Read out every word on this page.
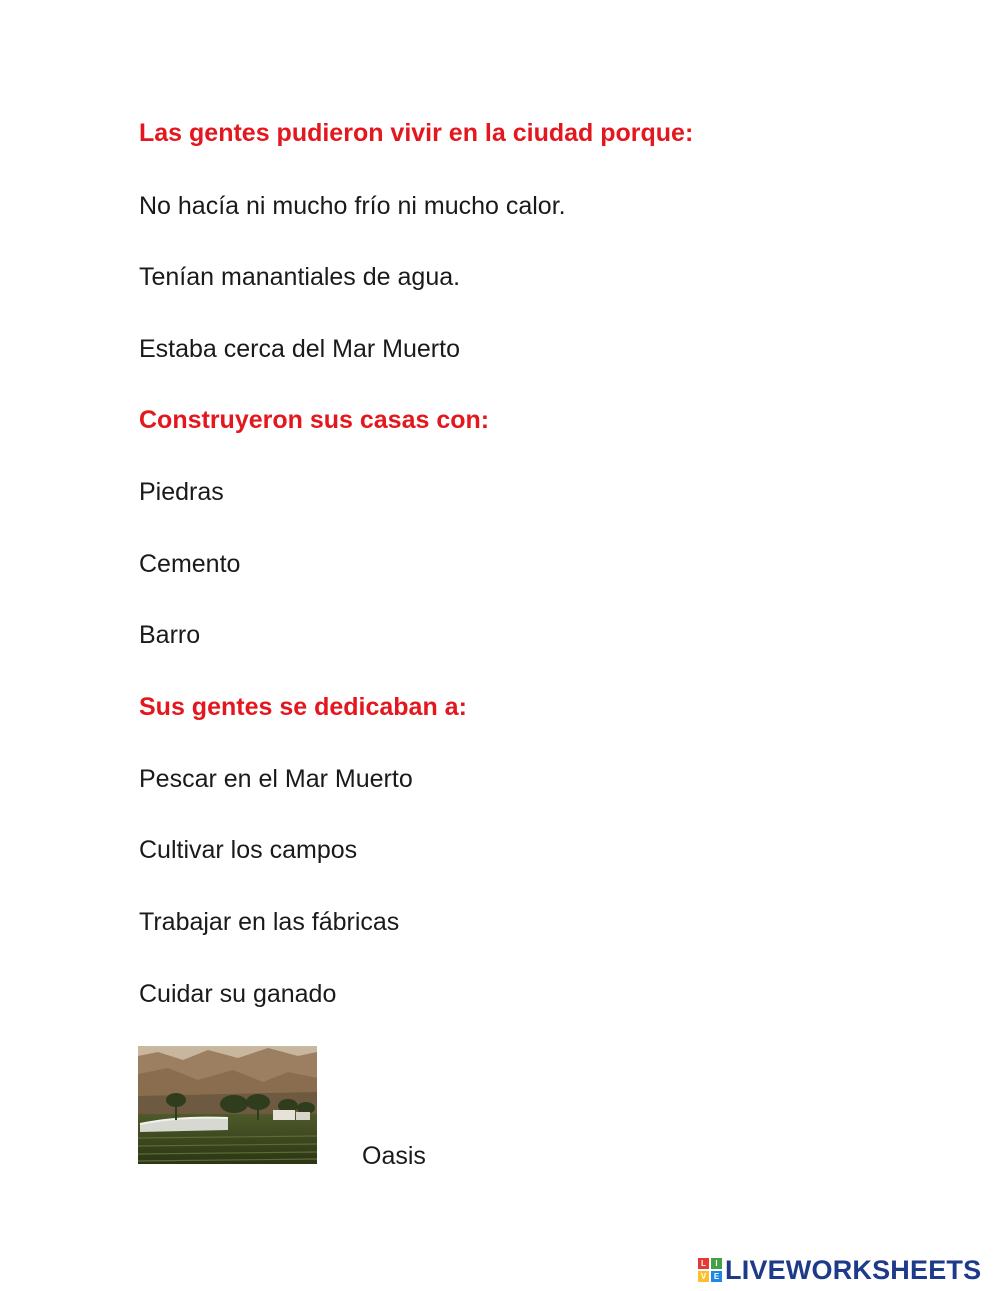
Las gentes pudieron vivir en la ciudad porque:
No hacía ni mucho frío ni mucho calor.
Tenían manantiales de agua.
Estaba cerca del Mar Muerto
Construyeron sus casas con:
Piedras
Cemento
Barro
Sus gentes se dedicaban a:
Pescar en el Mar Muerto
Cultivar los campos
Trabajar en las fábricas
Cuidar su ganado
Oasis
L	I
V E LIVEWORKSHEETS
